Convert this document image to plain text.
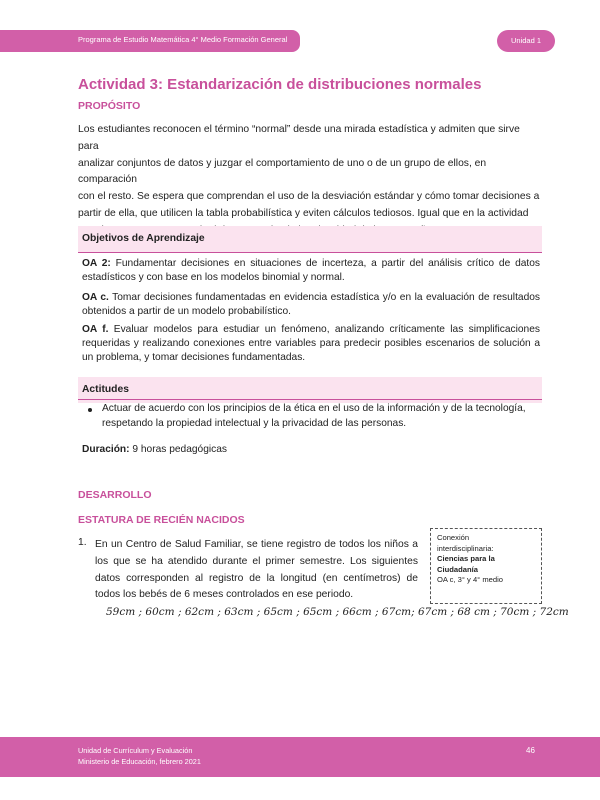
Programa de Estudio Matemática 4° Medio Formación General	Unidad 1
Actividad 3: Estandarización de distribuciones normales
PROPÓSITO
Los estudiantes reconocen el término “normal” desde una mirada estadística y admiten que sirve para
analizar conjuntos de datos y juzgar el comportamiento de uno o de un grupo de ellos, en comparación
con el resto. Se espera que comprendan el uso de la desviación estándar y cómo tomar decisiones a
partir de ella, que utilicen la tabla probabilística y eviten cálculos tediosos. Igual que en la actividad
Objetivos de Aprendizaje
OA 2: Fundamentar decisiones en situaciones de incerteza, a partir del análisis crítico de datos estadísticos y con base en los modelos binomial y normal.
OA c. Tomar decisiones fundamentadas en evidencia estadística y/o en la evaluación de resultados obtenidos a partir de un modelo probabilístico.
OA f. Evaluar modelos para estudiar un fenómeno, analizando críticamente las simplificaciones requeridas y realizando conexiones entre variables para predecir posibles escenarios de solución a un problema, y tomar decisiones fundamentadas.
Actitudes
Actuar de acuerdo con los principios de la ética en el uso de la información y de la tecnología, respetando la propiedad intelectual y la privacidad de las personas.
Duración: 9 horas pedagógicas
DESARROLLO
ESTATURA DE RECIÉN NACIDOS
1. En un Centro de Salud Familiar, se tiene registro de todos los niños a los que se ha atendido durante el primer semestre. Los siguientes datos corresponden al registro de la longitud (en centímetros) de todos los bebés de 6 meses controlados en ese periodo.
Conexión
interdisciplinaria:
Ciencias para la
Ciudadanía
OA c, 3° y 4° medio
59cm ; 60cm ; 62cm ; 63cm ; 65cm ; 65cm ; 66cm ; 67cm; 67cm ; 68 cm ; 70cm ; 72cm
Unidad de Currículum y Evaluación
Ministerio de Educación, febrero 2021
46
